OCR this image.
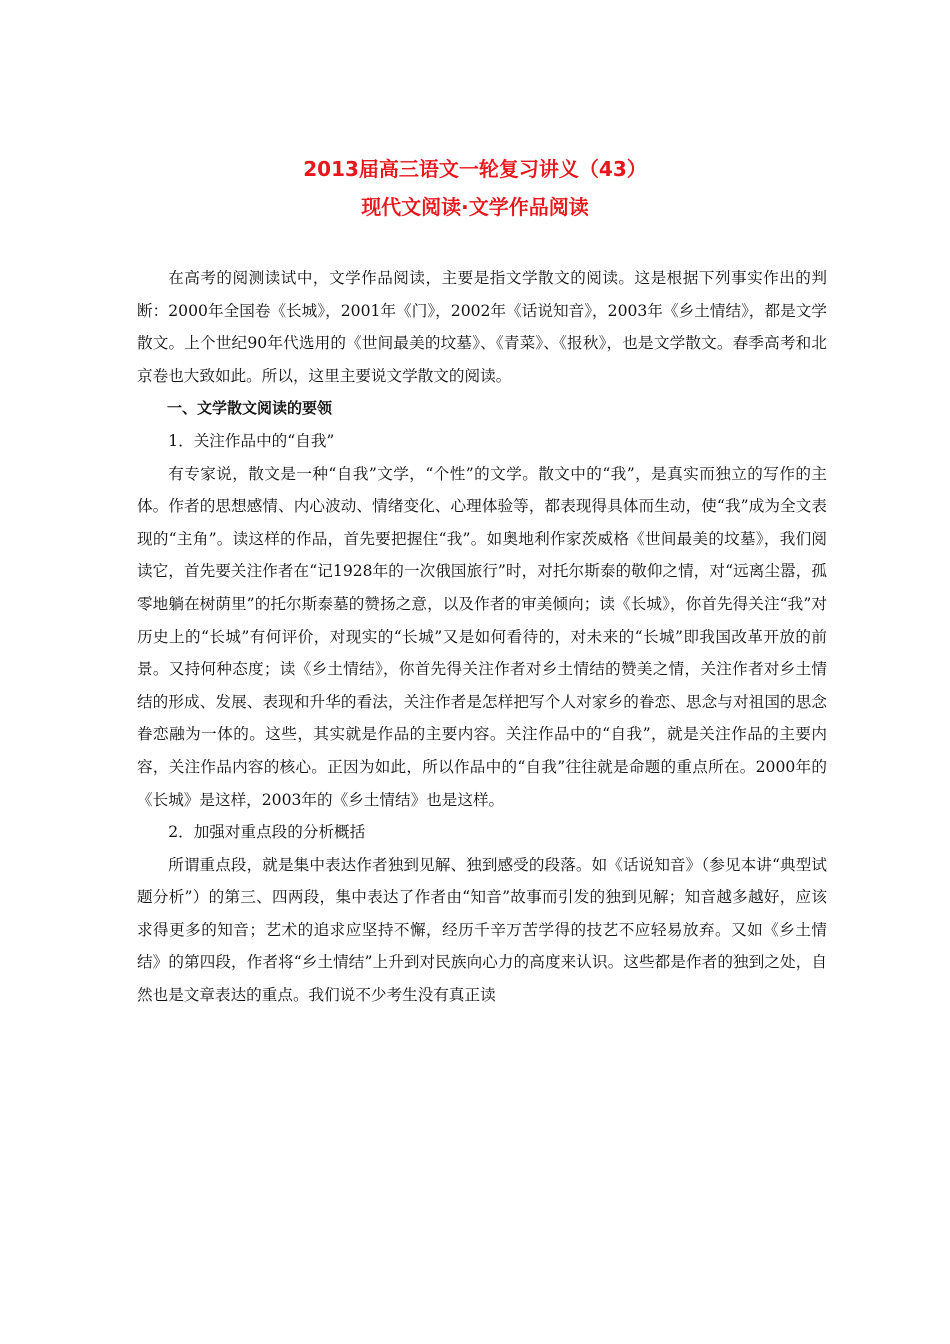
2013届高三语文一轮复习讲义（43）
现代文阅读·文学作品阅读

在高考的阅测读试中，文学作品阅读，主要是指文学散文的阅读。这是根据下列事实作出的判断：2000年全国卷《长城》，2001年《门》，2002年《话说知音》，2003年《乡土情结》，都是文学散文。上个世纪90年代选用的《世间最美的坟墓》、《青菜》、《报秋》，也是文学散文。春季高考和北京卷也大致如此。所以，这里主要说文学散文的阅读。

一、文学散文阅读的要领

1．关注作品中的“自我”

有专家说，散文是一种“自我”文学，“个性”的文学。散文中的“我”，是真实而独立的写作的主体。作者的思想感情、内心波动、情绪变化、心理体验等，都表现得具体而生动，使“我”成为全文表现的“主角”。读这样的作品，首先要把握住“我”。如奥地利作家茨威格《世间最美的坟墓》，我们阅读它，首先要关注作者在“记1928年的一次俄国旅行”时，对托尔斯泰的敬仰之情，对“远离尘嚣，孤零地躺在树荫里”的托尔斯泰墓的赞扬之意，以及作者的审美倾向；读《长城》，你首先得关注“我”对历史上的“长城”有何评价，对现实的“长城”又是如何看待的，对未来的“长城”即我国改革开放的前景。又持何种态度；读《乡土情结》，你首先得关注作者对乡土情结的赞美之情，关注作者对乡土情结的形成、发展、表现和升华的看法，关注作者是怎样把写个人对家乡的眷恋、思念与对祖国的思念眷恋融为一体的。这些，其实就是作品的主要内容。关注作品中的“自我”，就是关注作品的主要内容，关注作品内容的核心。正因为如此，所以作品中的“自我”往往就是命题的重点所在。2000年的《长城》是这样，2003年的《乡土情结》也是这样。

2．加强对重点段的分析概括

所谓重点段，就是集中表达作者独到见解、独到感受的段落。如《话说知音》（参见本讲“典型试题分析”）的第三、四两段，集中表达了作者由“知音”故事而引发的独到见解；知音越多越好，应该求得更多的知音；艺术的追求应坚持不懈，经历千辛万苦学得的技艺不应轻易放弃。又如《乡土情结》的第四段，作者将“乡土情结”上升到对民族向心力的高度来认识。这些都是作者的独到之处，自然也是文章表达的重点。我们说不少考生没有真正读
